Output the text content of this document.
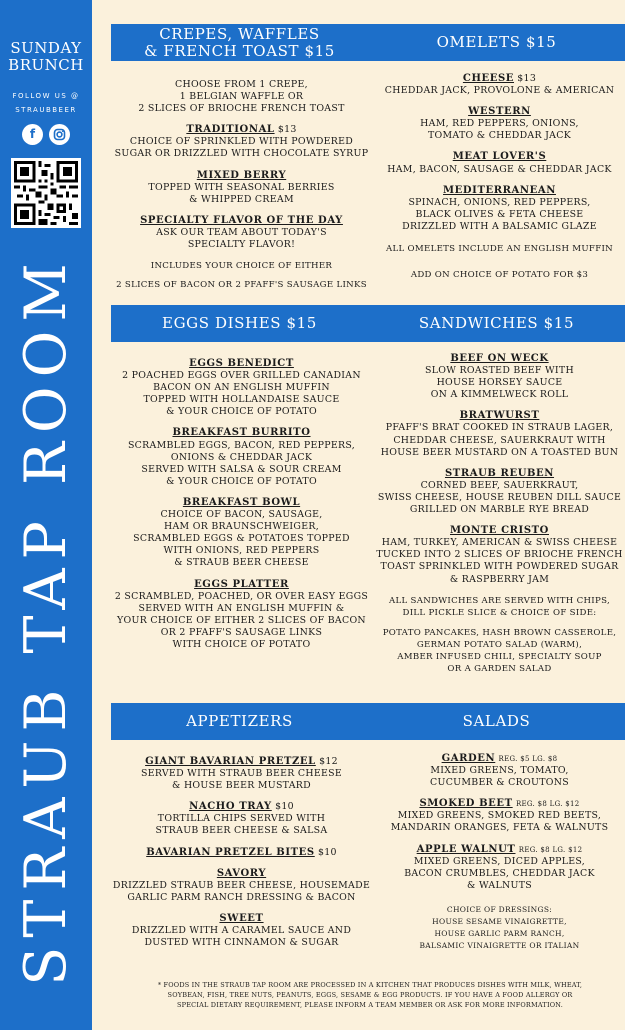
SUNDAY
BRUNCH
FOLLOW US @
STRAUBBEER
f
STRAUB TAP ROOM
CREPES, WAFFLES
& FRENCH TOAST $15	OMELETS $15
CHOOSE FROM 1 CREPE,
1 BELGIAN WAFFLE OR
2 SLICES OF BRIOCHE FRENCH TOAST
TRADITIONAL $13
CHOICE OF SPRINKLED WITH POWDERED
SUGAR OR DRIZZLED WITH CHOCOLATE SYRUP
MIXED BERRY
TOPPED WITH SEASONAL BERRIES
& WHIPPED CREAM
SPECIALTY FLAVOR OF THE DAY
ASK OUR TEAM ABOUT TODAY'S
SPECIALTY FLAVOR!
INCLUDES YOUR CHOICE OF EITHER
2 SLICES OF BACON OR 2 PFAFF'S SAUSAGE LINKS
CHEESE $13
CHEDDAR JACK, PROVOLONE & AMERICAN
WESTERN
HAM, RED PEPPERS, ONIONS,
TOMATO & CHEDDAR JACK
MEAT LOVER'S
HAM, BACON, SAUSAGE & CHEDDAR JACK
MEDITERRANEAN
SPINACH, ONIONS, RED PEPPERS,
BLACK OLIVES & FETA CHEESE
DRIZZLED WITH A BALSAMIC GLAZE
ALL OMELETS INCLUDE AN ENGLISH MUFFIN
ADD ON CHOICE OF POTATO FOR $3
EGGS DISHES $15	SANDWICHES $15
EGGS BENEDICT
2 POACHED EGGS OVER GRILLED CANADIAN
BACON ON AN ENGLISH MUFFIN
TOPPED WITH HOLLANDAISE SAUCE
& YOUR CHOICE OF POTATO
BREAKFAST BURRITO
SCRAMBLED EGGS, BACON, RED PEPPERS,
ONIONS & CHEDDAR JACK
SERVED WITH SALSA & SOUR CREAM
& YOUR CHOICE OF POTATO
BREAKFAST BOWL
CHOICE OF BACON, SAUSAGE,
HAM OR BRAUNSCHWEIGER,
SCRAMBLED EGGS & POTATOES TOPPED
WITH ONIONS, RED PEPPERS
& STRAUB BEER CHEESE
EGGS PLATTER
2 SCRAMBLED, POACHED, OR OVER EASY EGGS
SERVED WITH AN ENGLISH MUFFIN &
YOUR CHOICE OF EITHER 2 SLICES OF BACON
OR 2 PFAFF'S SAUSAGE LINKS
WITH CHOICE OF POTATO
BEEF ON WECK
SLOW ROASTED BEEF WITH
HOUSE HORSEY SAUCE
ON A KIMMELWECK ROLL
BRATWURST
PFAFF'S BRAT COOKED IN STRAUB LAGER,
CHEDDAR CHEESE, SAUERKRAUT WITH
HOUSE BEER MUSTARD ON A TOASTED BUN
STRAUB REUBEN
CORNED BEEF, SAUERKRAUT,
SWISS CHEESE, HOUSE REUBEN DILL SAUCE
GRILLED ON MARBLE RYE BREAD
MONTE CRISTO
HAM, TURKEY, AMERICAN & SWISS CHEESE
TUCKED INTO 2 SLICES OF BRIOCHE FRENCH
TOAST SPRINKLED WITH POWDERED SUGAR
& RASPBERRY JAM
ALL SANDWICHES ARE SERVED WITH CHIPS,
DILL PICKLE SLICE & CHOICE OF SIDE:
POTATO PANCAKES, HASH BROWN CASSEROLE,
GERMAN POTATO SALAD (WARM),
AMBER INFUSED CHILI, SPECIALTY SOUP
OR A GARDEN SALAD
APPETIZERS	SALADS
GIANT BAVARIAN PRETZEL $12
SERVED WITH STRAUB BEER CHEESE
& HOUSE BEER MUSTARD
NACHO TRAY $10
TORTILLA CHIPS SERVED WITH
STRAUB BEER CHEESE & SALSA
BAVARIAN PRETZEL BITES $10
SAVORY
DRIZZLED STRAUB BEER CHEESE, HOUSEMADE
GARLIC PARM RANCH DRESSING & BACON
SWEET
DRIZZLED WITH A CARAMEL SAUCE AND
DUSTED WITH CINNAMON & SUGAR
GARDEN REG. $5 LG. $8
MIXED GREENS, TOMATO,
CUCUMBER & CROUTONS
SMOKED BEET REG. $8 LG. $12
MIXED GREENS, SMOKED RED BEETS,
MANDARIN ORANGES, FETA & WALNUTS
APPLE WALNUT REG. $8 LG. $12
MIXED GREENS, DICED APPLES,
BACON CRUMBLES, CHEDDAR JACK
& WALNUTS
CHOICE OF DRESSINGS:
HOUSE SESAME VINAIGRETTE,
HOUSE GARLIC PARM RANCH,
BALSAMIC VINAIGRETTE OR ITALIAN
* FOODS IN THE STRAUB TAP ROOM ARE PROCESSED IN A KITCHEN THAT PRODUCES DISHES WITH MILK, WHEAT,
SOYBEAN, FISH, TREE NUTS, PEANUTS, EGGS, SESAME & EGG PRODUCTS. IF YOU HAVE A FOOD ALLERGY OR
SPECIAL DIETARY REQUIREMENT, PLEASE INFORM A TEAM MEMBER OR ASK FOR MORE INFORMATION.
